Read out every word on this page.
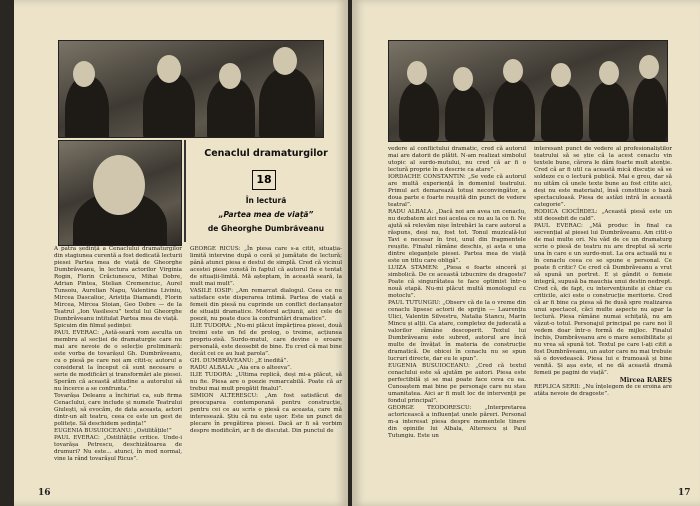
Cenaclul dramaturgilor
18
În lectură
„Partea mea de viață”
de Gheorghe Dumbrăveanu

A patra ședință a Cenaclului dramaturgilor din stagiunea curentă a fost dedicată lecturii piesei Partea mea de viață de Gheorghe Dumbrăveanu, în lectura actorilor Virginia Rogin, Florin Crăciunescu, Mihai Dobre, Adrian Pintea, Stelian Cremenciuc, Aurel Tunsoiu, Aurelian Napu, Valentina Liviniu, Mircea Dascaliuc, Aristița Diamandi, Florin Mircea, Mircea Stoian, Geo Dobre — de la Teatrul „Ion Vasilescu” textul lui Gheorghe Dumbrăveanu intitulat Partea mea de viață.

Spicuim din filmul ședinței:

PAUL EVERAC: „Astă-seară vom asculta un membru al secției de dramaturgie care nu mai are nevoie de o selecție preliminară: este vorba de tovarășul Gh. Dumbrăveanu, cu o piesă pe care noi am citit-o; autorul a considerat la început că sunt necesare o serie de modificări și transformări ale piesei. Sperăm că această atitudine a autorului să nu încerce a se confrunta.”

Tovarășa Deleanu a închiriat ca, sub firma Cenaclului, care include și numele Teatrului Giulești, să evocăm, de data aceasta, actori dintr-un alt teatru, ceea ce este un gest de politețe. Să deschidem ședința!”

EUGENIA BUSUIOCEANU: „Ostilitățile!”

PAUL EVERAC: „Ostilitățile critice. Unde-i tovarășa Petrescu, deschizătoarea de drumuri? Nu este... atunci, în mod normal, vine la rând tovarășul Ricus”.

GEORGE RICUS: „În piesa care s-a citit, situația-limită intervine după o ceră și jumătate de lectură; până atunci piesa e destul de simplă. Cred că vicinul acestei piese constă în faptul că autorul fie e tentat de situații-limită. Mă așteptam, în această seară, la mult mai mult”.

VASILE IOSIF: „Am remarcat dialogul. Ceea ce nu satisface este disperarea intimă. Partea de viață a femeii din piesă nu cuprinde un conflict declanșator de situații dramatice. Motorul acțiunii, aici cele de poezii, nu poate duce la confruntări dramatice”.

ILIE TUDORA: „Nu-mi plăcut împărțirea piesei, două treimi este un fel de prolog, o treime, acțiunea propriu-zisă. Surdo-mutul, care devine o eroare personală, este deosebit de bine. Eu cred că mai bine decât cei ce au luat parola”.

GH. DUMBRĂVEANU: „E inedită”.

RADU ALBALA: „Aia era o alteeva”.

ILIE TUDORA: „Ultima replică, deși mi-a plăcut, să nu fie. Piesa are o poezie remarcabilă. Poate că ar trebui mai mult pregătit finalul”.

SIMION ALTERESCU: „Am fost satisfăcut de preocuparea contemporană pentru construcție, pentru cei ce au scris o piesă ca aceasta, care mă interesează. Știu că nu este ușor. Este un punct de plecare în pregătirea piesei. Dacă ar fi să vorbim despre modificări, ar fi de discutat. Din punctul de

16

vedere al conflictului dramatic, cred că autorul mai are datorii de plătit. N-am realizat simbolul utopic al surdo-mutului, nu cred că ar fi o lectură proprie în a descrie ca atare”.

IORDACHE CONSTANTIN: „Se vede că autorul are multă experiență în domeniul teatrului. Primul act demarează totuși neconvingător, a doua parte e foarte reușită din punct de vedere teatral”.

RADU ALBALA: „Dacă noi am avea un cenaclu, nu dezbatem aici noi acelea ce nu au la ce fi. Ne ajută să relevăm nișe întrebări la care autorul a răspuns, deși nu, fost tot. Tonul muzicală-lui Tavi e necesar în trei, unul din fragmentele reușite. Finalul rămâne deschis, și asta e una dintre eleganțele piesei. Partea mea de viață este un titlu care obligă”.

LUIZA STAMEN: „Piesa e foarte sinceră și simbolică. De ce această izbucnire de dragoste? Poate că singurătatea te face optimist într-o nouă etapă. Nu-mi plăcut multă monologul cu motoclu”.

PAUL TUTUNGIU: „Observ că de la o vreme din cenaclu lipsesc actorii de sprijin — Laurențiu Ulici, Valentin Silvestru, Natalia Stancu, Marin Mincu și alții. Ca atare, completez de judecată a valorilor rămâne descoperit. Textul lui Dumbrăveanu este subred, autorul are încă multe de învățat în materia de construcție dramatică. De obicei în cenaclu nu se spun lucruri directe, dar eu le spun”.

EUGENIA BUSUIOCEANU: „Cred că textul cenaclului este să ajutăm pe autori. Piesa este perfectibilă și se mai poate face ceva cu ea. Cunoaștem mai bine pe personaje care nu stau umanitatea. Aici ar fi mult loc de intervenții pe fondul principal”.

GEORGE TEODORESCU: „Interpretarea actoricească a influențat unele păreri. Personal m-a interesat piesa despre momentele tinere din opiniile lui Albala, Alterescu și Paul Tutungiu. Este un

interesant punct de vedere al profesionaliștilor teatrului să se știe că la acest cenaclu vin textele bune, cărora le dăm foarte mult atenție. Cred că ar fi util ca această mică discuție să se soldeze cu o lectură publică. Mai e greu, dar să nu uităm că unele texte bune au fost citite aici, deși nu este materialul, însă constituie o bază spectaculoasă. Piesa de astăzi intră în această categorie”.

RODICA CIOCÎRDEL: „Această piesă este un stil deosebit de cald”.

PAUL EVERAC: „Mă produc în final ca secvențial al piesei lui Dumbrăveanu. Am citit-o de mai multe ori. Nu văd de ce un dramaturg scrie o piesă de teatru nu are dreptul să scrie una în care e un surdo-mut. La ora actuală nu e în cenaclu ceea ce se spune e personal. Ce poate fi critic? Ce cred că Dumbrăveanu a vrut să spună un portret. E și gândit o femeie integră, supusă ba mauchia unui destin nedrept. Cred că, de fapt, cu intervențiunile și chiar cu criticile, aici este o construcție meritorie. Cred că ar fi bine ca piesa să fie dusă spre realizarea unui spectacol, căci multe aspecte nu apar la lectură. Piesa rămâne numai schițată, nu am văzut-o totul. Personajul principal pe care noi îl vedem doar într-o formă de mijloc. Finalul închis, Dumbrăveanu are o mare sensibilitate și nu vrea să spună tot. Textul pe care l-ați citit a fost Dumbrăveanu, un autor care nu mai trebuie să o dovedească. Piesa lui e frumoasă și bine venită. Și așa este, el ne dă această dramă femeii pe pagini de viață”.

Mircea RAREȘ

REPLICA SERII: „Nu înțelegem de ce eroina are atâta nevoie de dragoste”.

17
